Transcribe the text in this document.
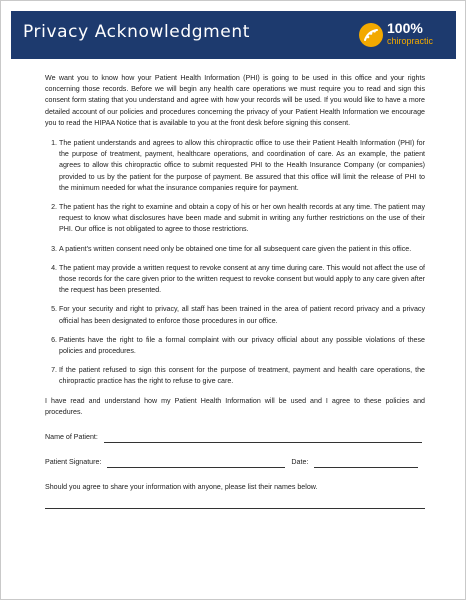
Privacy Acknowledgment	100%
chiropractic

We want you to know how your Patient Health Information (PHI) is going to be used in this office and your rights concerning those records. Before we will begin any health care operations we must require you to read and sign this consent form stating that you understand and agree with how your records will be used. If you would like to have a more detailed account of our policies and procedures concerning the privacy of your Patient Health Information we encourage you to read the HIPAA Notice that is available to you at the front desk before signing this consent.

1. The patient understands and agrees to allow this chiropractic office to use their Patient Health Information (PHI) for the purpose of treatment, payment, healthcare operations, and coordination of care. As an example, the patient agrees to allow this chiropractic office to submit requested PHI to the Health Insurance Company (or companies) provided to us by the patient for the purpose of payment. Be assured that this office will limit the release of PHI to the minimum needed for what the insurance companies require for payment.
2. The patient has the right to examine and obtain a copy of his or her own health records at any time. The patient may request to know what disclosures have been made and submit in writing any further restrictions on the use of their PHI. Our office is not obligated to agree to those restrictions.
3. A patient's written consent need only be obtained one time for all subsequent care given the patient in this office.
4. The patient may provide a written request to revoke consent at any time during care. This would not affect the use of those records for the care given prior to the written request to revoke consent but would apply to any care given after the request has been presented.
5. For your security and right to privacy, all staff has been trained in the area of patient record privacy and a privacy official has been designated to enforce those procedures in our office.
6. Patients have the right to file a formal complaint with our privacy official about any possible violations of these policies and procedures.
7. If the patient refused to sign this consent for the purpose of treatment, payment and health care operations, the chiropractic practice has the right to refuse to give care.

I have read and understand how my Patient Health Information will be used and I agree to these policies and procedures.

Name of Patient:
Patient Signature:	Date:

Should you agree to share your information with anyone, please list their names below.
